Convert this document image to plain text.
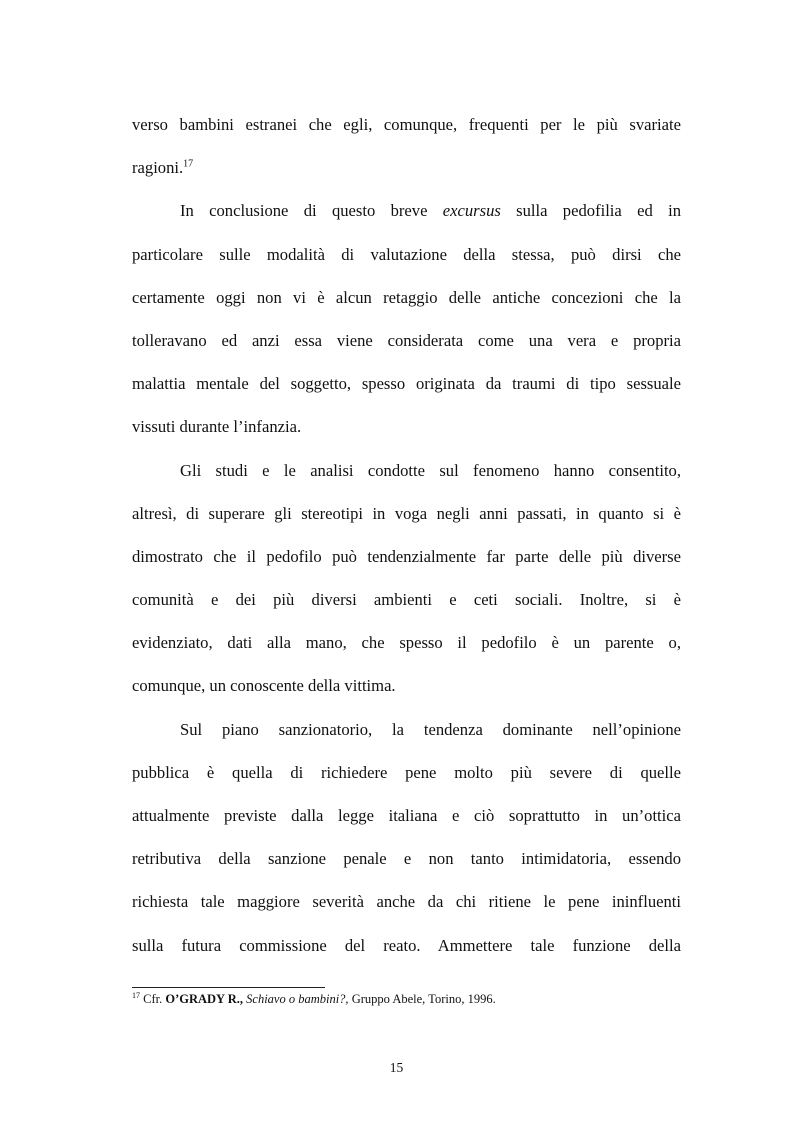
verso bambini estranei che egli, comunque, frequenti per le più svariate
ragioni.$^{17}$
In conclusione di questo breve excursus sulla pedofilia ed in
particolare sulle modalità di valutazione della stessa, può dirsi che
certamente oggi non vi è alcun retaggio delle antiche concezioni che la
tolleravano ed anzi essa viene considerata come una vera e propria
malattia mentale del soggetto, spesso originata da traumi di tipo sessuale
vissuti durante l’infanzia.
Gli studi e le analisi condotte sul fenomeno hanno consentito,
altresì, di superare gli stereotipi in voga negli anni passati, in quanto si è
dimostrato che il pedofilo può tendenzialmente far parte delle più diverse
comunità e dei più diversi ambienti e ceti sociali. Inoltre, si è
evidenziato, dati alla mano, che spesso il pedofilo è un parente o,
comunque, un conoscente della vittima.
Sul piano sanzionatorio, la tendenza dominante nell’opinione
pubblica è quella di richiedere pene molto più severe di quelle
attualmente previste dalla legge italiana e ciò soprattutto in un’ottica
retributiva della sanzione penale e non tanto intimidatoria, essendo
richiesta tale maggiore severità anche da chi ritiene le pene ininfluenti
sulla futura commissione del reato. Ammettere tale funzione della
$^{17}$ Cfr. O’GRADY R., Schiavo o bambini?, Gruppo Abele, Torino, 1996.
15
